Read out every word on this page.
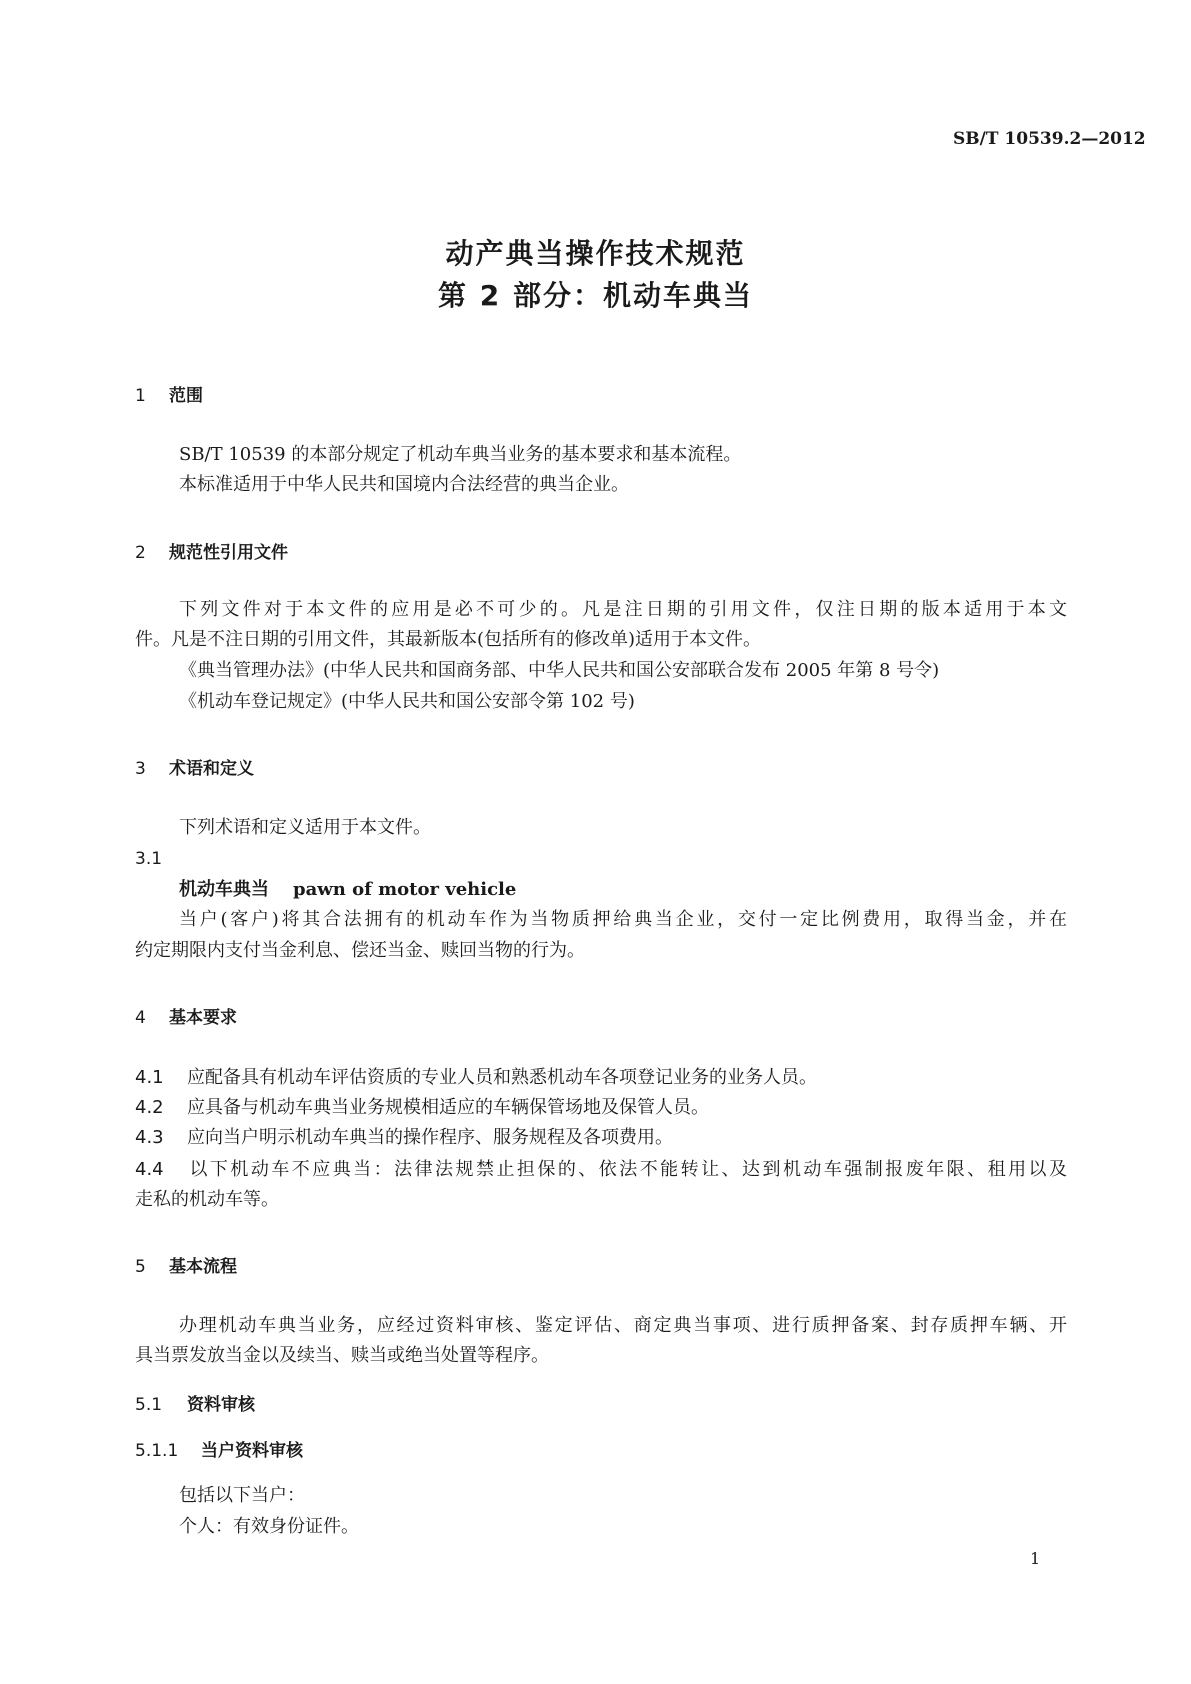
SB/T 10539.2—2012
动产典当操作技术规范
第 2 部分：机动车典当
1 范围
SB/T 10539 的本部分规定了机动车典当业务的基本要求和基本流程。
本标准适用于中华人民共和国境内合法经营的典当企业。
2 规范性引用文件
下列文件对于本文件的应用是必不可少的。凡是注日期的引用文件，仅注日期的版本适用于本文
件。凡是不注日期的引用文件，其最新版本(包括所有的修改单)适用于本文件。
《典当管理办法》(中华人民共和国商务部、中华人民共和国公安部联合发布 2005 年第 8 号令)
《机动车登记规定》(中华人民共和国公安部令第 102 号)
3 术语和定义
下列术语和定义适用于本文件。
3.1
机动车典当 pawn of motor vehicle
当户(客户)将其合法拥有的机动车作为当物质押给典当企业，交付一定比例费用，取得当金，并在
约定期限内支付当金利息、偿还当金、赎回当物的行为。
4 基本要求
4.1 应配备具有机动车评估资质的专业人员和熟悉机动车各项登记业务的业务人员。
4.2 应具备与机动车典当业务规模相适应的车辆保管场地及保管人员。
4.3 应向当户明示机动车典当的操作程序、服务规程及各项费用。
4.4 以下机动车不应典当：法律法规禁止担保的、依法不能转让、达到机动车强制报废年限、租用以及
走私的机动车等。
5 基本流程
办理机动车典当业务，应经过资料审核、鉴定评估、商定典当事项、进行质押备案、封存质押车辆、开
具当票发放当金以及续当、赎当或绝当处置等程序。
5.1 资料审核
5.1.1 当户资料审核
包括以下当户：
个人：有效身份证件。
1
